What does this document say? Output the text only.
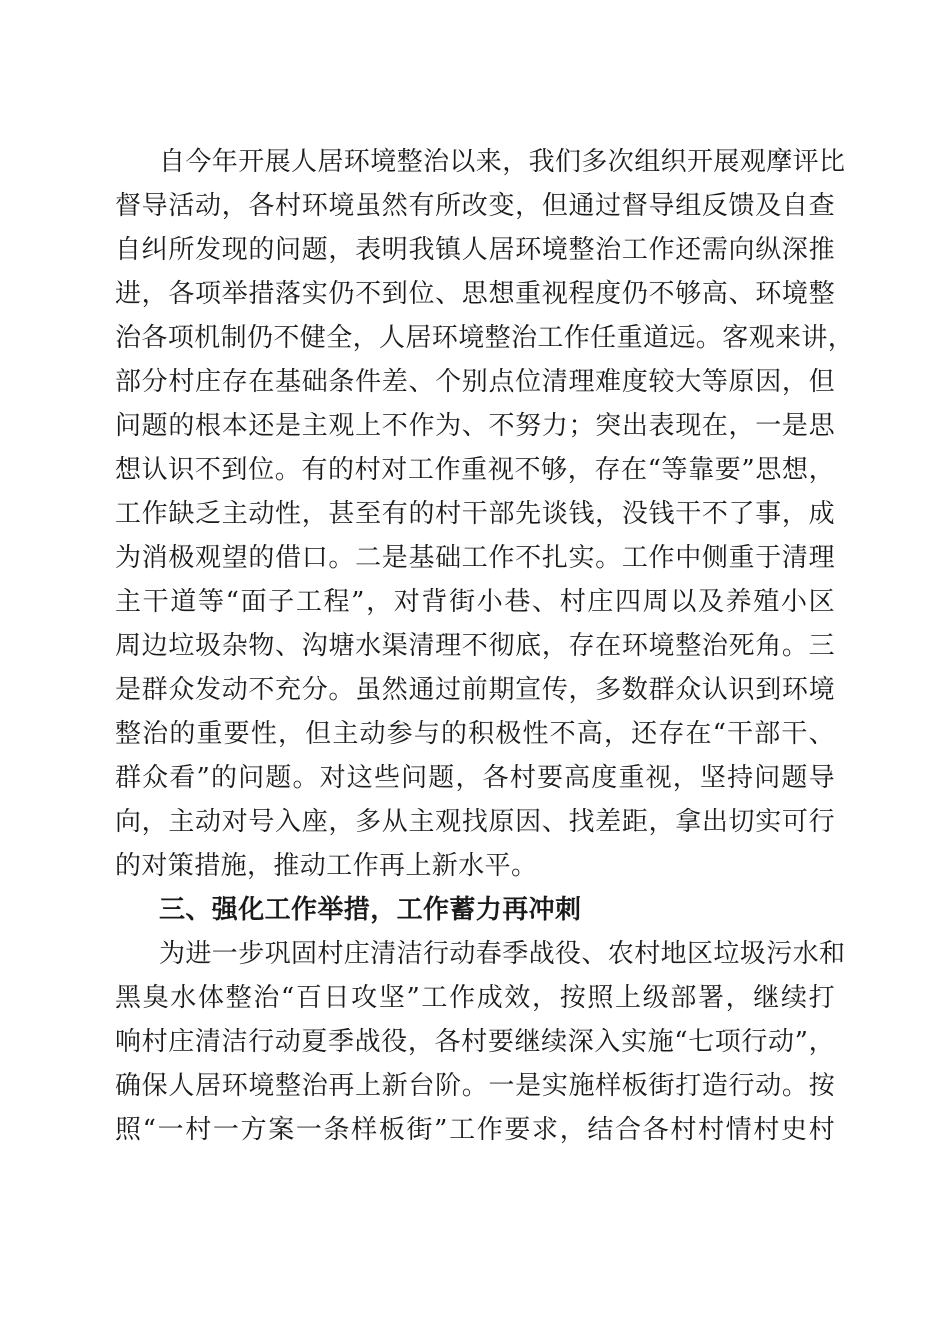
自今年开展人居环境整治以来，我们多次组织开展观摩评比
督导活动，各村环境虽然有所改变，但通过督导组反馈及自查
自纠所发现的问题，表明我镇人居环境整治工作还需向纵深推
进，各项举措落实仍不到位、思想重视程度仍不够高、环境整
治各项机制仍不健全，人居环境整治工作任重道远。客观来讲，
部分村庄存在基础条件差、个别点位清理难度较大等原因，但
问题的根本还是主观上不作为、不努力；突出表现在，一是思
想认识不到位。有的村对工作重视不够，存在“等靠要”思想，
工作缺乏主动性，甚至有的村干部先谈钱，没钱干不了事，成
为消极观望的借口。二是基础工作不扎实。工作中侧重于清理
主干道等“面子工程”，对背街小巷、村庄四周以及养殖小区
周边垃圾杂物、沟塘水渠清理不彻底，存在环境整治死角。三
是群众发动不充分。虽然通过前期宣传，多数群众认识到环境
整治的重要性，但主动参与的积极性不高，还存在“干部干、
群众看”的问题。对这些问题，各村要高度重视，坚持问题导
向，主动对号入座，多从主观找原因、找差距，拿出切实可行
的对策措施，推动工作再上新水平。
三、强化工作举措，工作蓄力再冲刺
为进一步巩固村庄清洁行动春季战役、农村地区垃圾污水和
黑臭水体整治“百日攻坚”工作成效，按照上级部署，继续打
响村庄清洁行动夏季战役，各村要继续深入实施“七项行动”，
确保人居环境整治再上新台阶。一是实施样板街打造行动。按
照“一村一方案一条样板街”工作要求，结合各村村情村史村
